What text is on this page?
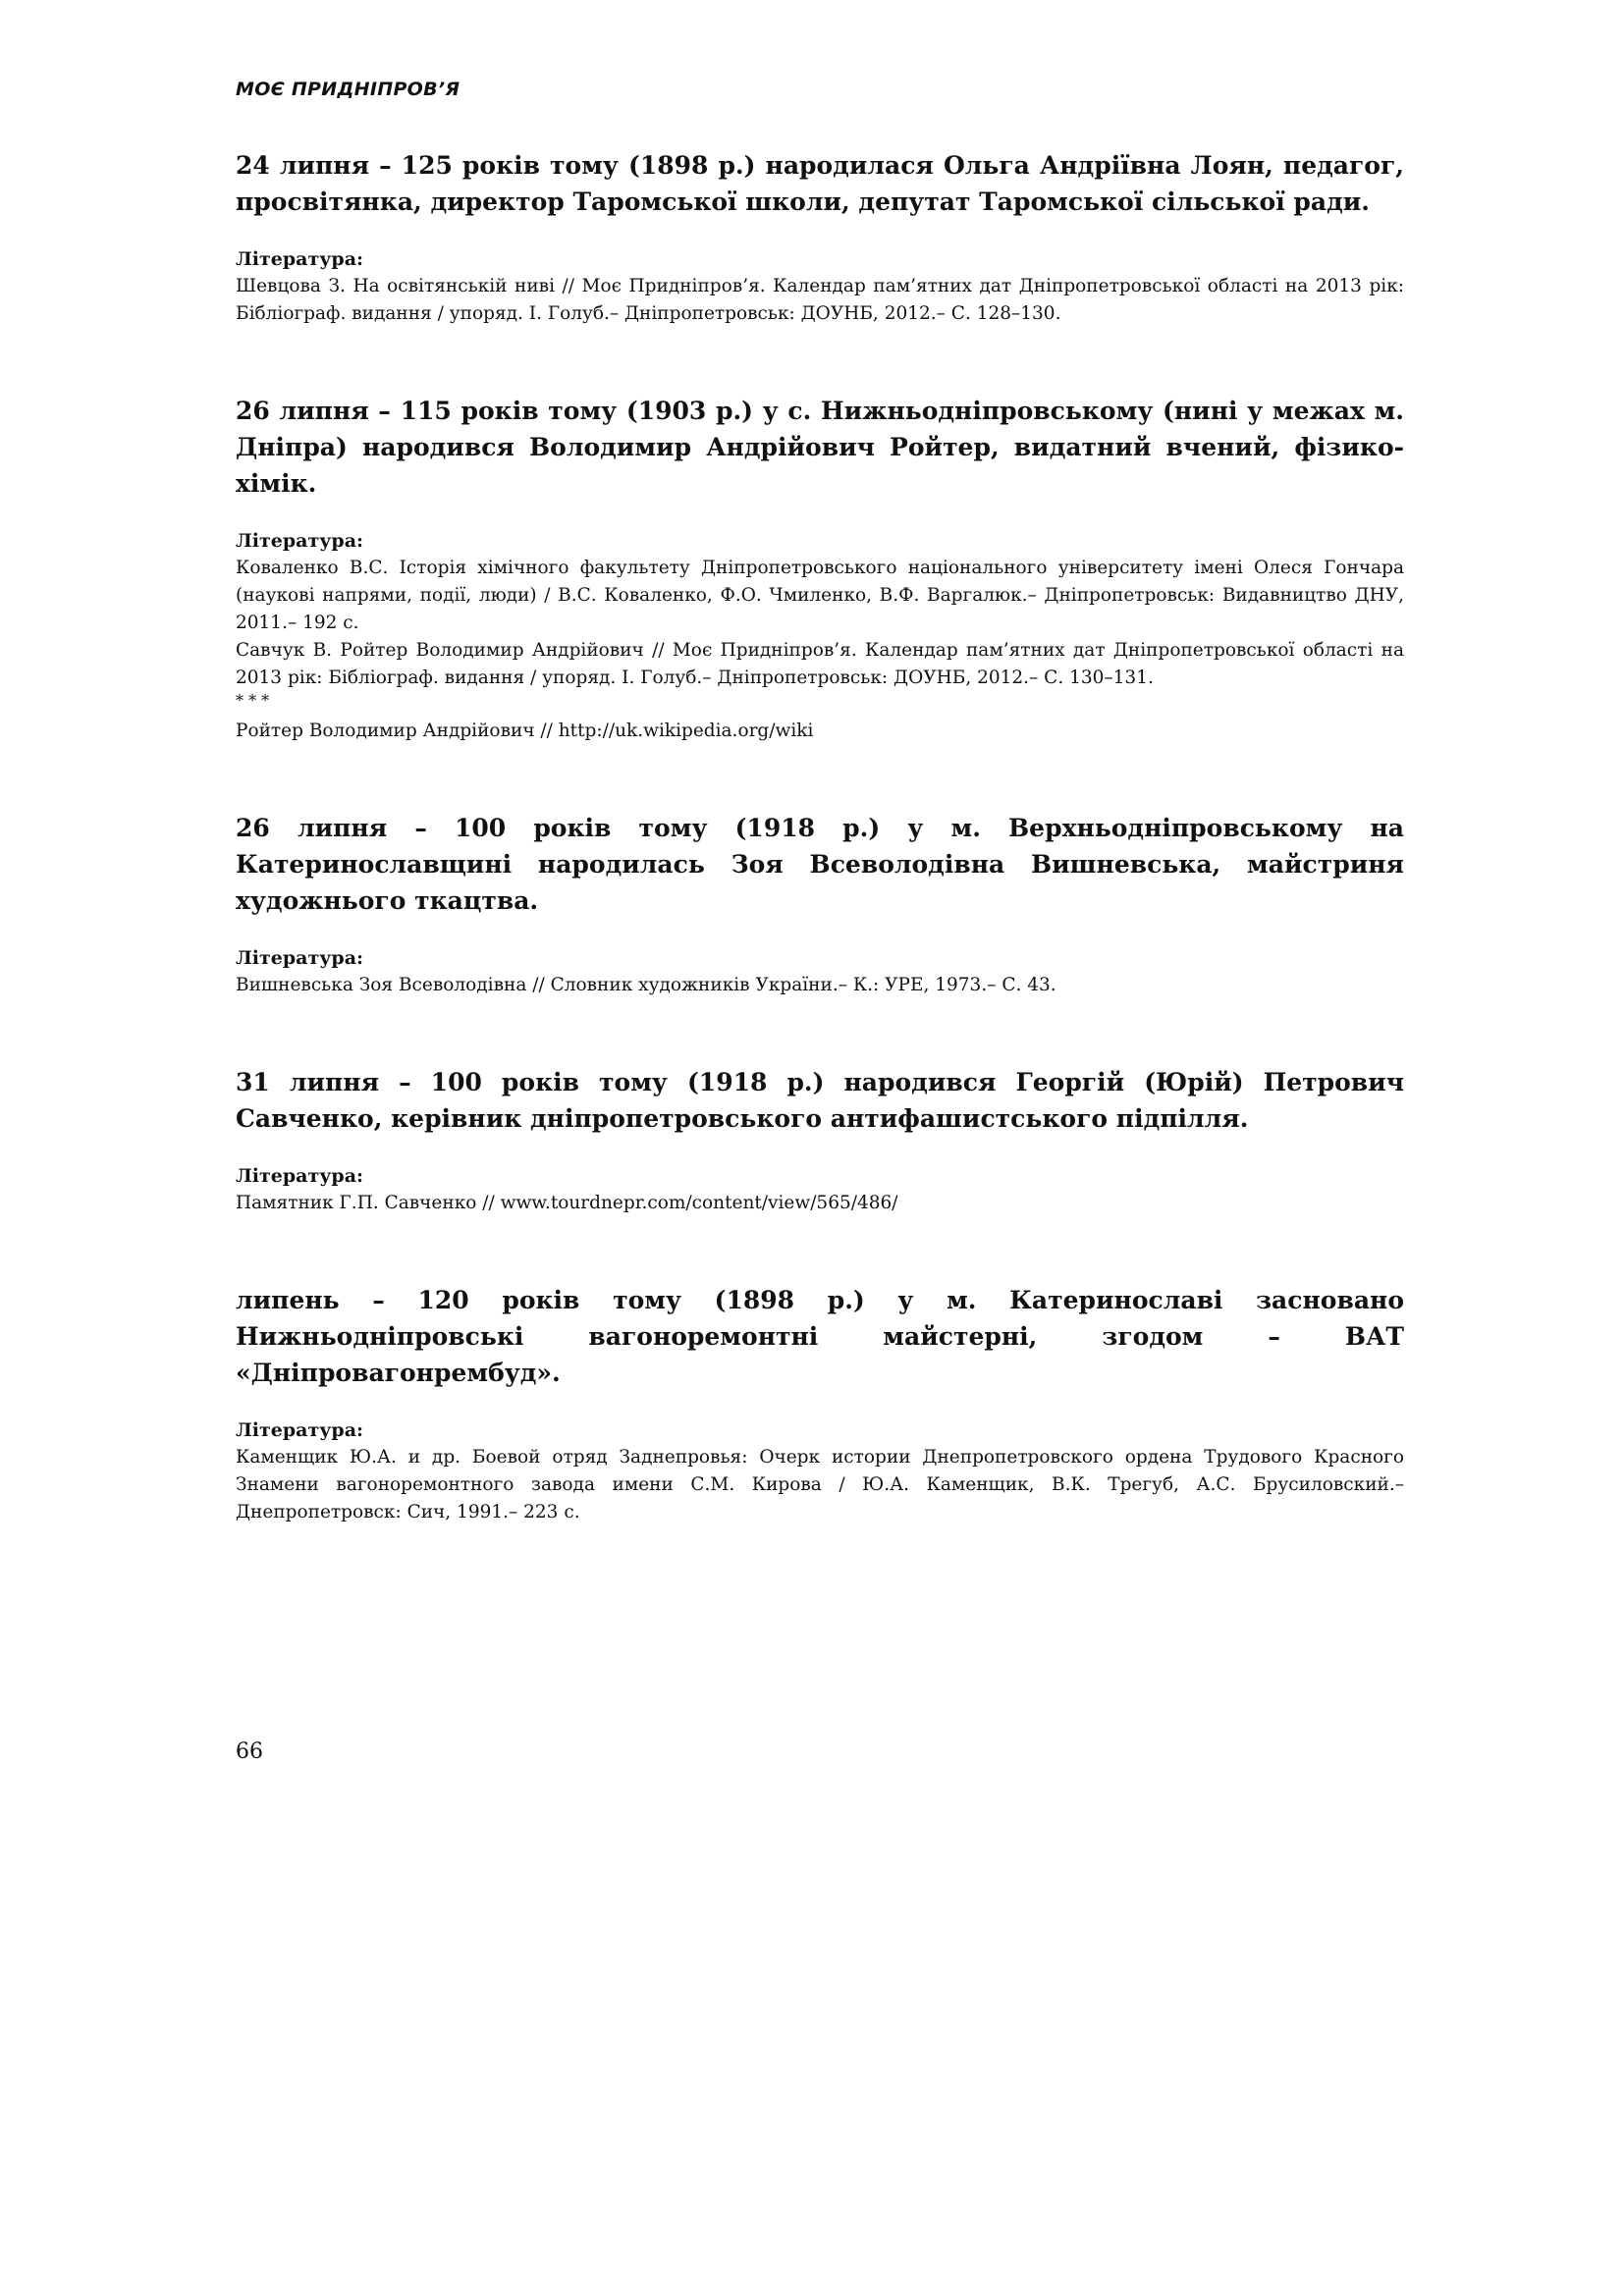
МОЄ ПРИДНІПРОВ’Я

24 липня – 125 років тому (1898 р.) народилася Ольга Андріївна Лоян, педагог, просвітянка, директор Таромської школи, депутат Таромської сільської ради.

Література:

Шевцова З. На освітянській ниві // Моє Придніпров’я. Календар пам’ятних дат Дніпропетровської області на 2013 рік: Бібліограф. видання / упоряд. І. Голуб.– Дніпропетровськ: ДОУНБ, 2012.– С. 128–130.

26 липня – 115 років тому (1903 р.) у с. Нижньодніпровському (нині у межах м. Дніпра) народився Володимир Андрійович Ройтер, видатний вчений, фізико-хімік.

Література:

Коваленко В.С. Історія хімічного факультету Дніпропетровського національного університету імені Олеся Гончара (наукові напрями, події, люди) / В.С. Коваленко, Ф.О. Чмиленко, В.Ф. Варгалюк.– Дніпропетровськ: Видавництво ДНУ, 2011.– 192 с.

Савчук В. Ройтер Володимир Андрійович // Моє Придніпров’я. Календар пам’ятних дат Дніпропетровської області на 2013 рік: Бібліограф. видання / упоряд. І. Голуб.– Дніпропетровськ: ДОУНБ, 2012.– С. 130–131.

* * *

Ройтер Володимир Андрійович // http://uk.wikipedia.org/wiki

26 липня – 100 років тому (1918 р.) у м. Верхньодніпровському на Катеринославщині народилась Зоя Всеволодівна Вишневська, майстриня художнього ткацтва.

Література:

Вишневська Зоя Всеволодівна // Словник художників України.– К.: УРЕ, 1973.– С. 43.

31 липня – 100 років тому (1918 р.) народився Георгій (Юрій) Петрович Савченко, керівник дніпропетровського антифашистського підпілля.

Література:

Памятник Г.П. Савченко // www.tourdnepr.com/content/view/565/486/

липень – 120 років тому (1898 р.) у м. Катеринославі засновано Нижньодніпровські вагоноремонтні майстерні, згодом – ВАТ «Дніпровагонрембуд».

Література:

Каменщик Ю.А. и др. Боевой отряд Заднепровья: Очерк истории Днепропетровского ордена Трудового Красного Знамени вагоноремонтного завода имени С.М. Кирова / Ю.А. Каменщик, В.К. Трегуб, А.С. Брусиловский.– Днепропетровск: Сич, 1991.– 223 с.

66
